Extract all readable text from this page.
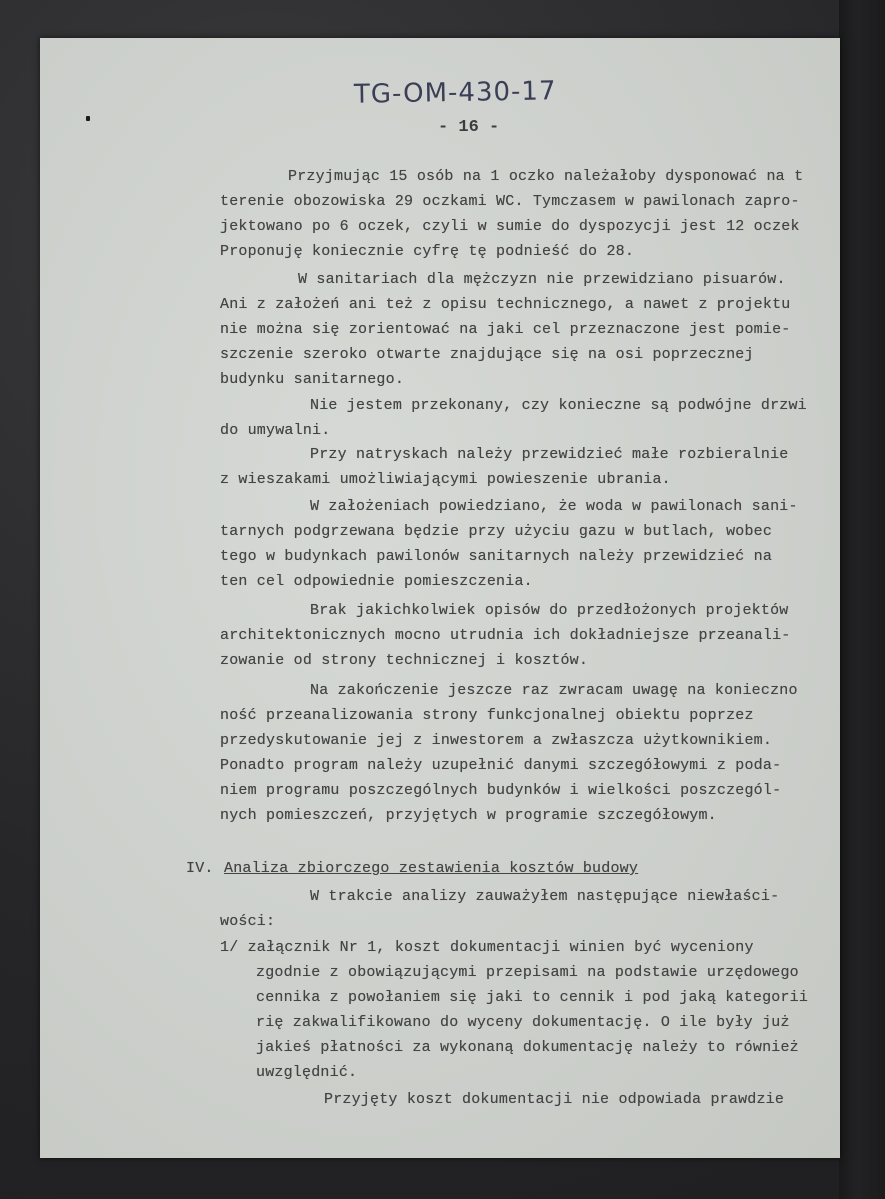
TG-OM-430-17
- 16 -
Przyjmując 15 osób na 1 oczko należałoby dysponować na t
terenie obozowiska 29 oczkami WC. Tymczasem w pawilonach zapro-
jektowano po 6 oczek, czyli w sumie do dyspozycji jest 12 oczek
Proponuję koniecznie cyfrę tę podnieść do 28.
W sanitariach dla mężczyzn nie przewidziano pisuarów.
Ani z założeń ani też z opisu technicznego, a nawet z projektu
nie można się zorientować na jaki cel przeznaczone jest pomie-
szczenie szeroko otwarte znajdujące się na osi poprzecznej
budynku sanitarnego.
Nie jestem przekonany, czy konieczne są podwójne drzwi
do umywalni.
Przy natryskach należy przewidzieć małe rozbieralnie
z wieszakami umożliwiającymi powieszenie ubrania.
W założeniach powiedziano, że woda w pawilonach sani-
tarnych podgrzewana będzie przy użyciu gazu w butlach, wobec
tego w budynkach pawilonów sanitarnych należy przewidzieć na
ten cel odpowiednie pomieszczenia.
Brak jakichkolwiek opisów do przedłożonych projektów
architektonicznych mocno utrudnia ich dokładniejsze przeanali-
zowanie od strony technicznej i kosztów.
Na zakończenie jeszcze raz zwracam uwagę na konieczno
ność przeanalizowania strony funkcjonalnej obiektu poprzez
przedyskutowanie jej z inwestorem a zwłaszcza użytkownikiem.
Ponadto program należy uzupełnić danymi szczegółowymi z poda-
niem programu poszczególnych budynków i wielkości poszczegól-
nych pomieszczeń, przyjętych w programie szczegółowym.
IV. Analiza zbiorczego zestawienia kosztów budowy
W trakcie analizy zauważyłem następujące niewłaści-
wości:
1/ załącznik Nr 1, koszt dokumentacji winien być wyceniony
zgodnie z obowiązującymi przepisami na podstawie urzędowego
cennika z powołaniem się jaki to cennik i pod jaką kategorii
rię zakwalifikowano do wyceny dokumentację. O ile były już
jakieś płatności za wykonaną dokumentację należy to również
uwzględnić.
Przyjęty koszt dokumentacji nie odpowiada prawdzie
